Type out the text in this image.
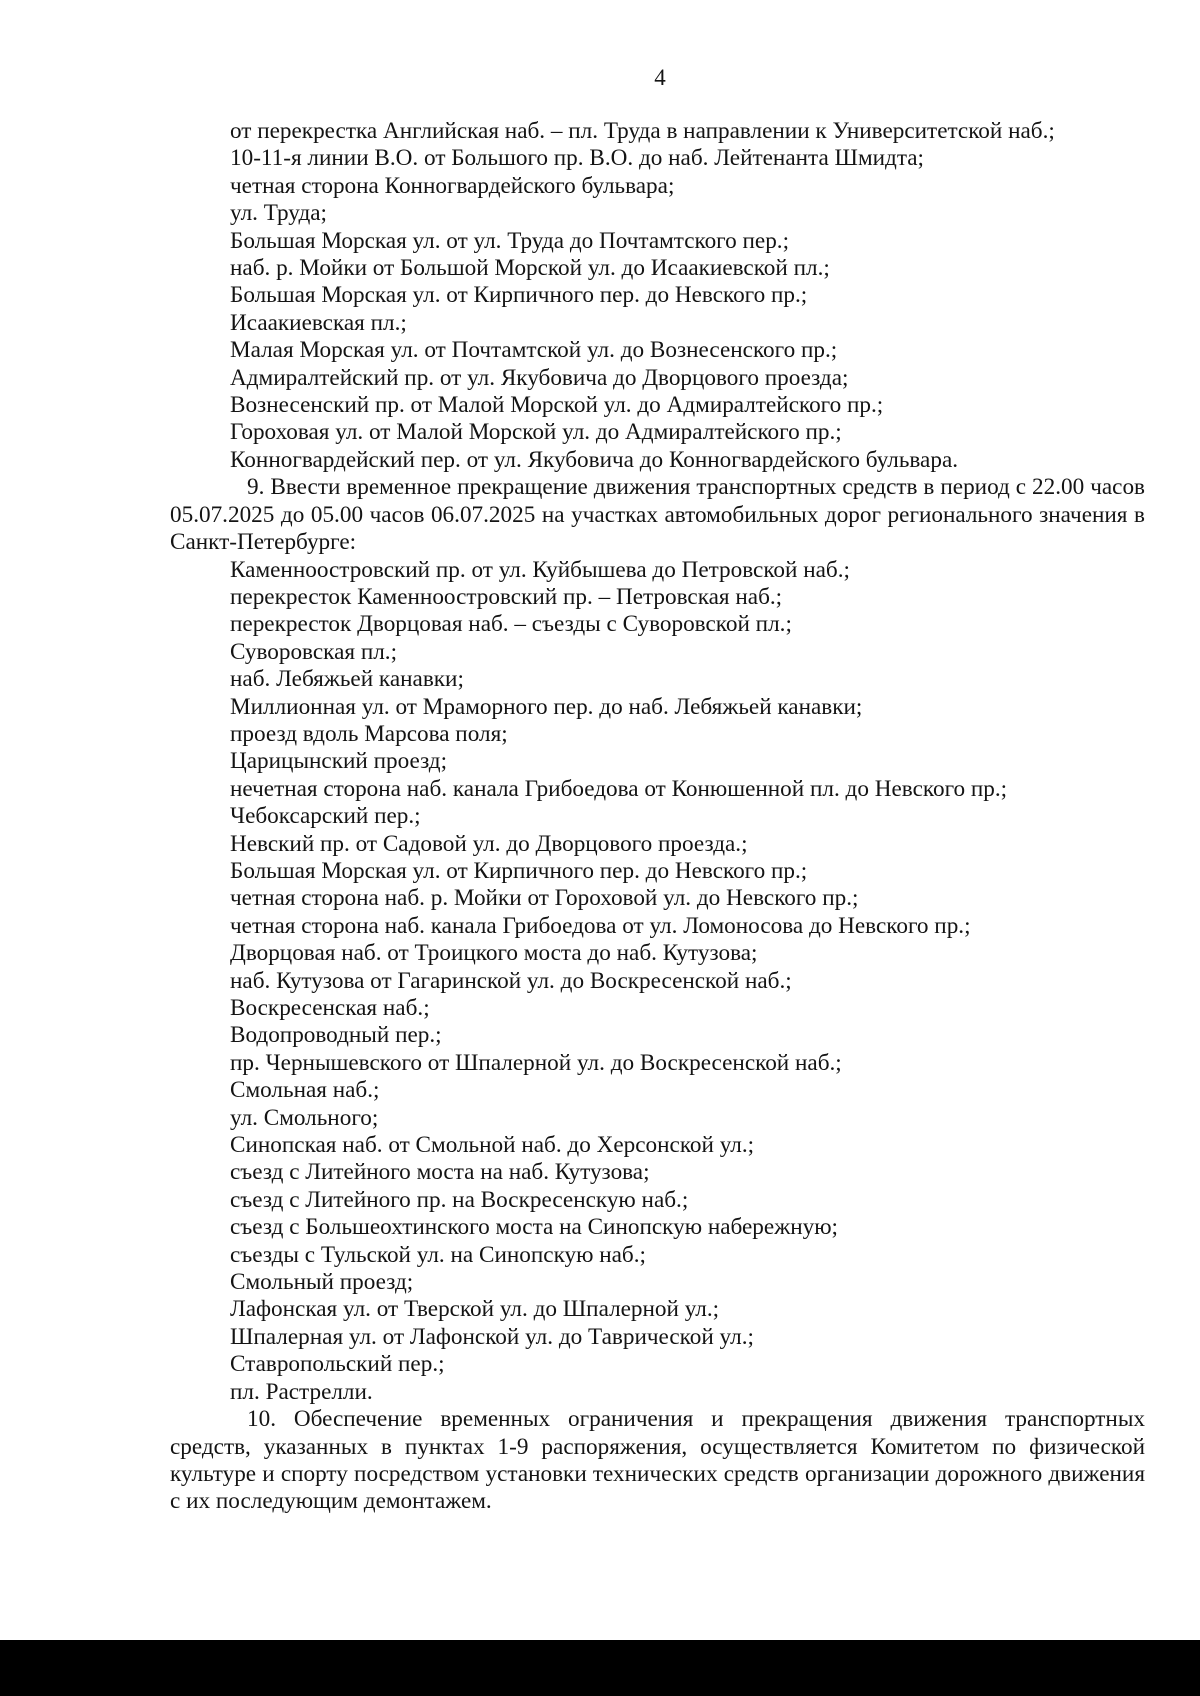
4

от перекрестка Английская наб. – пл. Труда в направлении к Университетской наб.;

10-11-я линии В.О. от Большого пр. В.О. до наб. Лейтенанта Шмидта;

четная сторона Конногвардейского бульвара;

ул. Труда;

Большая Морская ул. от ул. Труда до Почтамтского пер.;

наб. р. Мойки от Большой Морской ул. до Исаакиевской пл.;

Большая Морская ул. от Кирпичного пер. до Невского пр.;

Исаакиевская пл.;

Малая Морская ул. от Почтамтской ул. до Вознесенского пр.;

Адмиралтейский пр. от ул. Якубовича до Дворцового проезда;

Вознесенский пр. от Малой Морской ул. до Адмиралтейского пр.;

Гороховая ул. от Малой Морской ул. до Адмиралтейского пр.;

Конногвардейский пер. от ул. Якубовича до Конногвардейского бульвара.

9. Ввести временное прекращение движения транспортных средств в период с 22.00 часов 05.07.2025 до 05.00 часов 06.07.2025 на участках автомобильных дорог регионального значения в Санкт-Петербурге:

Каменноостровский пр. от ул. Куйбышева до Петровской наб.;

перекресток Каменноостровский пр. – Петровская наб.;

перекресток Дворцовая наб. – съезды с Суворовской пл.;

Суворовская пл.;

наб. Лебяжьей канавки;

Миллионная ул. от Мраморного пер. до наб. Лебяжьей канавки;

проезд вдоль Марсова поля;

Царицынский проезд;

нечетная сторона наб. канала Грибоедова от Конюшенной пл. до Невского пр.;

Чебоксарский пер.;

Невский пр. от Садовой ул. до Дворцового проезда.;

Большая Морская ул. от Кирпичного пер. до Невского пр.;

четная сторона наб. р. Мойки от Гороховой ул. до Невского пр.;

четная сторона наб. канала Грибоедова от ул. Ломоносова до Невского пр.;

Дворцовая наб. от Троицкого моста до наб. Кутузова;

наб. Кутузова от Гагаринской ул. до Воскресенской наб.;

Воскресенская наб.;

Водопроводный пер.;

пр. Чернышевского от Шпалерной ул. до Воскресенской наб.;

Смольная наб.;

ул. Смольного;

Синопская наб. от Смольной наб. до Херсонской ул.;

съезд с Литейного моста на наб. Кутузова;

съезд с Литейного пр. на Воскресенскую наб.;

съезд с Большеохтинского моста на Синопскую набережную;

съезды с Тульской ул. на Синопскую наб.;

Смольный проезд;

Лафонская ул. от Тверской ул. до Шпалерной ул.;

Шпалерная ул. от Лафонской ул. до Таврической ул.;

Ставропольский пер.;

пл. Растрелли.

10. Обеспечение временных ограничения и прекращения движения транспортных средств, указанных в пунктах 1-9 распоряжения, осуществляется Комитетом по физической культуре и спорту посредством установки технических средств организации дорожного движения с их последующим демонтажем.
